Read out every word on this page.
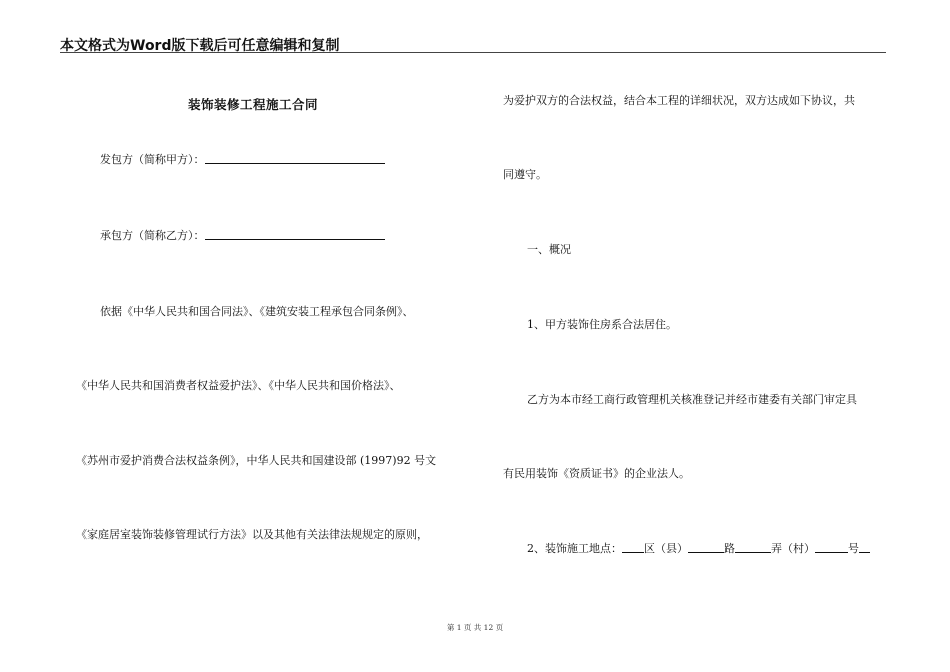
本文格式为Word版下载后可任意编辑和复制
装饰装修工程施工合同
发包方（简称甲方）：
承包方（简称乙方）：
依据《中华人民共和国合同法》、《建筑安装工程承包合同条例》、
《中华人民共和国消费者权益爱护法》、《中华人民共和国价格法》、
《苏州市爱护消费合法权益条例》，中华人民共和国建设部 (1997)92 号文
《家庭居室装饰装修管理试行方法》以及其他有关法律法规规定的原则，
为爱护双方的合法权益，结合本工程的详细状况，双方达成如下协议，共
同遵守。
一、概况
1、甲方装饰住房系合法居住。
乙方为本市经工商行政管理机关核准登记并经市建委有关部门审定具
有民用装饰《资质证书》的企业法人。
2、装饰施工地点： 区（县）	路	弄（村）	号
第 1 页 共 12 页
